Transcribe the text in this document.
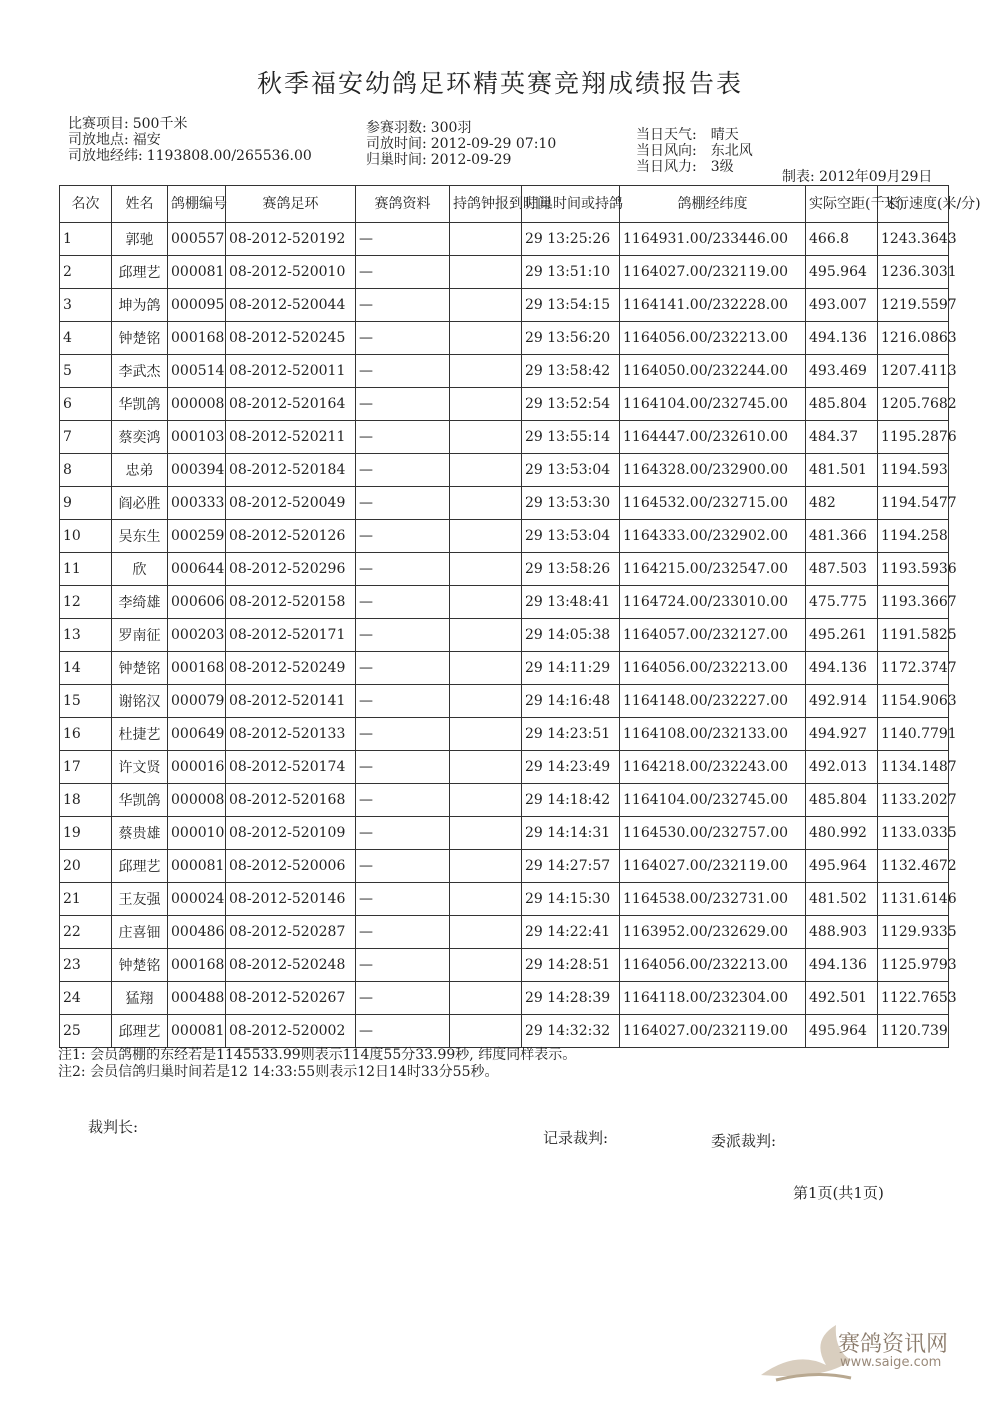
秋季福安幼鸽足环精英赛竞翔成绩报告表
比赛项目: 500千米
司放地点: 福安
司放地经纬: 1193808.00/265536.00
参赛羽数: 300羽
司放时间: 2012-09-29 07:10
归巢时间: 2012-09-29
当日天气: 晴天
当日风向: 东北风
当日风力: 3级
制表: 2012年09月29日
名次	姓名	鸽棚编号	赛鸽足环	赛鸽资料	持鸽钟报到时间	归巢时间或持鸽	鸽棚经纬度	实际空距(千米)	飞行速度(米/分)
1	郭驰	000557	08-2012-520192	—		29 13:25:26	1164931.00/233446.00	466.8	1243.3643
2	邱理艺	000081	08-2012-520010	—		29 13:51:10	1164027.00/232119.00	495.964	1236.3031
3	坤为鸽	000095	08-2012-520044	—		29 13:54:15	1164141.00/232228.00	493.007	1219.5597
4	钟楚铭	000168	08-2012-520245	—		29 13:56:20	1164056.00/232213.00	494.136	1216.0863
5	李武杰	000514	08-2012-520011	—		29 13:58:42	1164050.00/232244.00	493.469	1207.4113
6	华凯鸽	000008	08-2012-520164	—		29 13:52:54	1164104.00/232745.00	485.804	1205.7682
7	蔡奕鸿	000103	08-2012-520211	—		29 13:55:14	1164447.00/232610.00	484.37	1195.2876
8	忠弟	000394	08-2012-520184	—		29 13:53:04	1164328.00/232900.00	481.501	1194.593
9	阎必胜	000333	08-2012-520049	—		29 13:53:30	1164532.00/232715.00	482	1194.5477
10	吴东生	000259	08-2012-520126	—		29 13:53:04	1164333.00/232902.00	481.366	1194.258
11	欣	000644	08-2012-520296	—		29 13:58:26	1164215.00/232547.00	487.503	1193.5936
12	李绮雄	000606	08-2012-520158	—		29 13:48:41	1164724.00/233010.00	475.775	1193.3667
13	罗南征	000203	08-2012-520171	—		29 14:05:38	1164057.00/232127.00	495.261	1191.5825
14	钟楚铭	000168	08-2012-520249	—		29 14:11:29	1164056.00/232213.00	494.136	1172.3747
15	谢铭汉	000079	08-2012-520141	—		29 14:16:48	1164148.00/232227.00	492.914	1154.9063
16	杜捷艺	000649	08-2012-520133	—		29 14:23:51	1164108.00/232133.00	494.927	1140.7791
17	许文贤	000016	08-2012-520174	—		29 14:23:49	1164218.00/232243.00	492.013	1134.1487
18	华凯鸽	000008	08-2012-520168	—		29 14:18:42	1164104.00/232745.00	485.804	1133.2027
19	蔡贵雄	000010	08-2012-520109	—		29 14:14:31	1164530.00/232757.00	480.992	1133.0335
20	邱理艺	000081	08-2012-520006	—		29 14:27:57	1164027.00/232119.00	495.964	1132.4672
21	王友强	000024	08-2012-520146	—		29 14:15:30	1164538.00/232731.00	481.502	1131.6146
22	庄喜钿	000486	08-2012-520287	—		29 14:22:41	1163952.00/232629.00	488.903	1129.9335
23	钟楚铭	000168	08-2012-520248	—		29 14:28:51	1164056.00/232213.00	494.136	1125.9793
24	猛翔	000488	08-2012-520267	—		29 14:28:39	1164118.00/232304.00	492.501	1122.7653
25	邱理艺	000081	08-2012-520002	—		29 14:32:32	1164027.00/232119.00	495.964	1120.739
注1: 会员鸽棚的东经若是1145533.99则表示114度55分33.99秒, 纬度同样表示。
注2: 会员信鸽归巢时间若是12 14:33:55则表示12日14时33分55秒。
裁判长:
记录裁判:	委派裁判:
第1页(共1页)
赛鸽资讯网
www.saige.com
